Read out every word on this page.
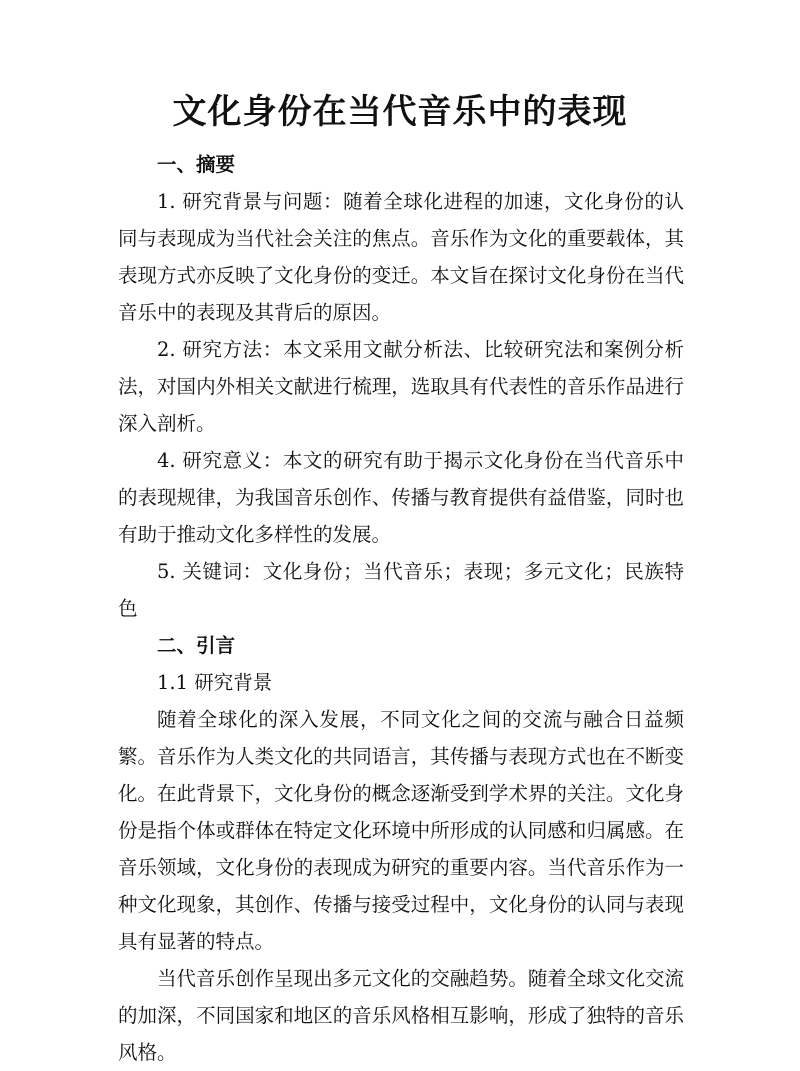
文化身份在当代音乐中的表现

一、摘要

1. 研究背景与问题：随着全球化进程的加速，文化身份的认同与表现成为当代社会关注的焦点。音乐作为文化的重要载体，其表现方式亦反映了文化身份的变迁。本文旨在探讨文化身份在当代音乐中的表现及其背后的原因。

2. 研究方法：本文采用文献分析法、比较研究法和案例分析法，对国内外相关文献进行梳理，选取具有代表性的音乐作品进行深入剖析。

4. 研究意义：本文的研究有助于揭示文化身份在当代音乐中的表现规律，为我国音乐创作、传播与教育提供有益借鉴，同时也有助于推动文化多样性的发展。

5. 关键词：文化身份；当代音乐；表现；多元文化；民族特色

二、引言

1.1 研究背景

随着全球化的深入发展，不同文化之间的交流与融合日益频繁。音乐作为人类文化的共同语言，其传播与表现方式也在不断变化。在此背景下，文化身份的概念逐渐受到学术界的关注。文化身份是指个体或群体在特定文化环境中所形成的认同感和归属感。在音乐领域，文化身份的表现成为研究的重要内容。当代音乐作为一种文化现象，其创作、传播与接受过程中，文化身份的认同与表现具有显著的特点。

当代音乐创作呈现出多元文化的交融趋势。随着全球文化交流的加深，不同国家和地区的音乐风格相互影响，形成了独特的音乐风格。
